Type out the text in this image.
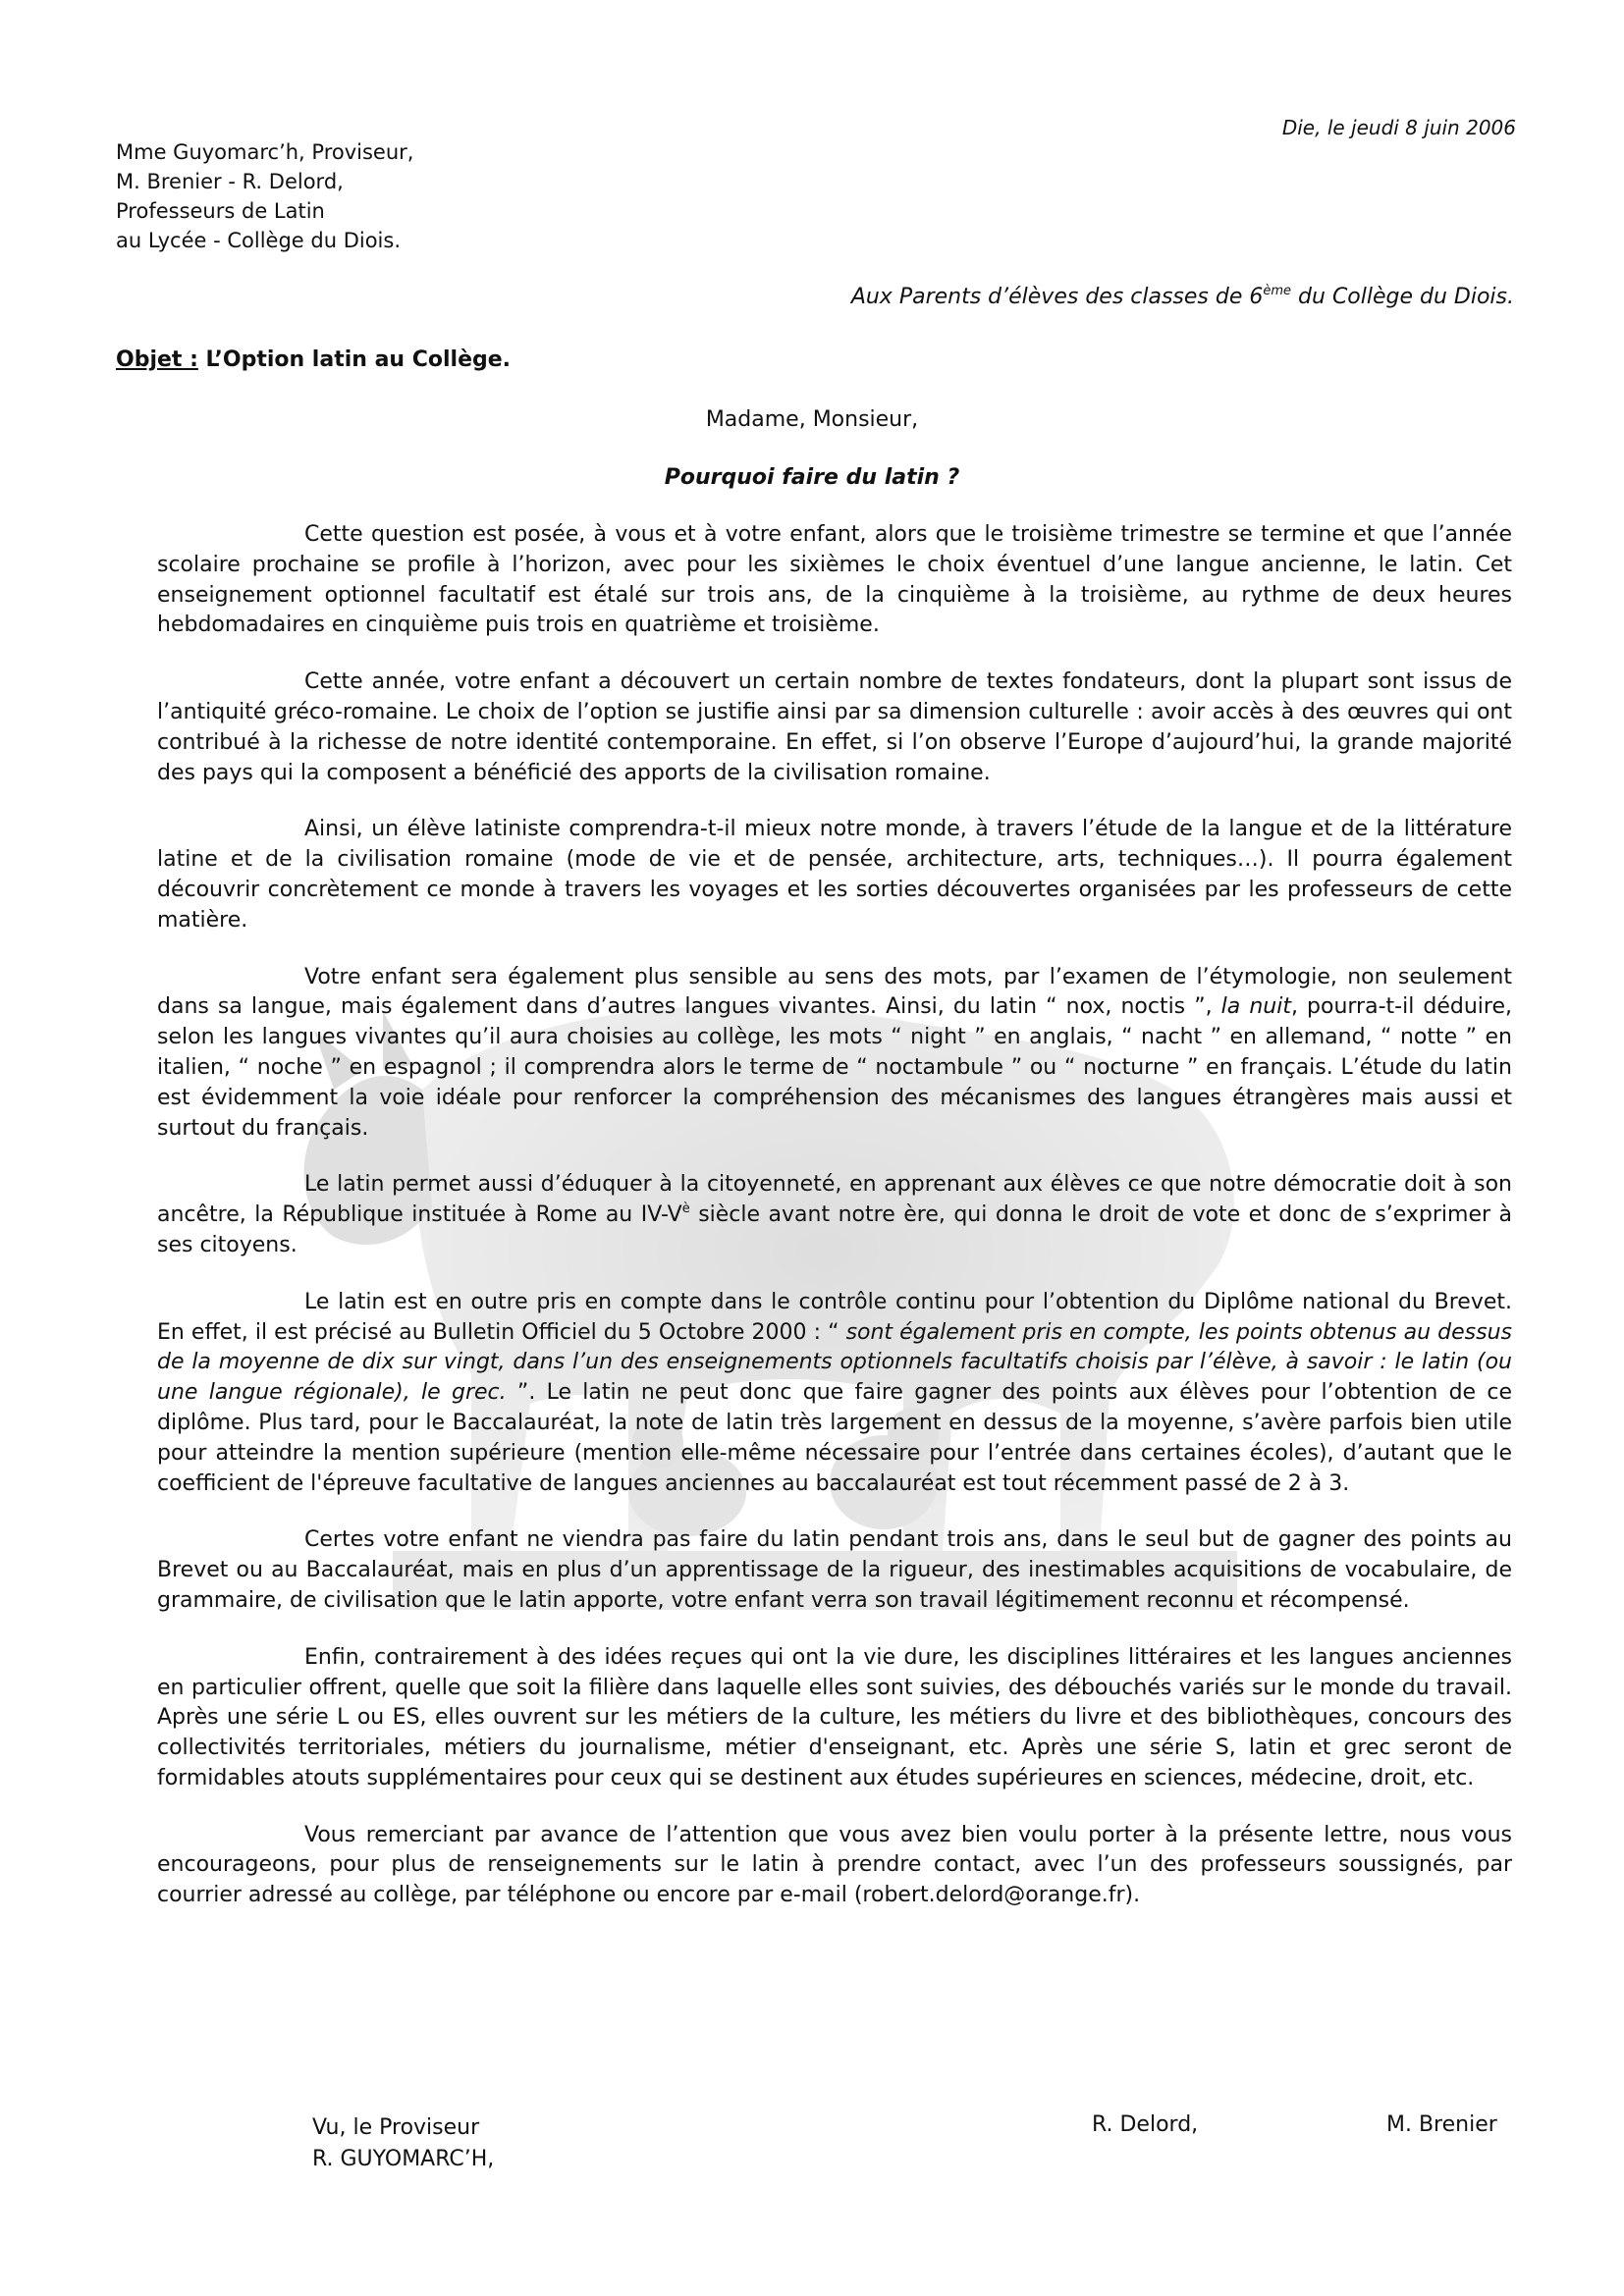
Die, le jeudi 8 juin 2006
Mme Guyomarc’h, Proviseur,
M. Brenier - R. Delord,
Professeurs de Latin
au Lycée - Collège du Diois.
Aux Parents d’élèves des classes de 6ème du Collège du Diois.
Objet : L’Option latin au Collège.
Madame, Monsieur,
Pourquoi faire du latin ?

Cette question est posée, à vous et à votre enfant, alors que le troisième trimestre se termine et que l’année scolaire prochaine se profile à l’horizon, avec pour les sixièmes le choix éventuel d’une langue ancienne, le latin. Cet enseignement optionnel facultatif est étalé sur trois ans, de la cinquième à la troisième, au rythme de deux heures hebdomadaires en cinquième puis trois en quatrième et troisième.

Cette année, votre enfant a découvert un certain nombre de textes fondateurs, dont la plupart sont issus de l’antiquité gréco-romaine. Le choix de l’option se justifie ainsi par sa dimension culturelle : avoir accès à des œuvres qui ont contribué à la richesse de notre identité contemporaine. En effet, si l’on observe l’Europe d’aujourd’hui, la grande majorité des pays qui la composent a bénéficié des apports de la civilisation romaine.

Ainsi, un élève latiniste comprendra-t-il mieux notre monde, à travers l’étude de la langue et de la littérature latine et de la civilisation romaine (mode de vie et de pensée, architecture, arts, techniques…). Il pourra également découvrir concrètement ce monde à travers les voyages et les sorties découvertes organisées par les professeurs de cette matière.

Votre enfant sera également plus sensible au sens des mots, par l’examen de l’étymologie, non seulement dans sa langue, mais également dans d’autres langues vivantes. Ainsi, du latin “ nox, noctis ”, la nuit, pourra-t-il déduire, selon les langues vivantes qu’il aura choisies au collège, les mots “ night ” en anglais, “ nacht ” en allemand, “ notte ” en italien, “ noche ” en espagnol ; il comprendra alors le terme de “ noctambule ” ou “ nocturne ” en français. L’étude du latin est évidemment la voie idéale pour renforcer la compréhension des mécanismes des langues étrangères mais aussi et surtout du français.

Le latin permet aussi d’éduquer à la citoyenneté, en apprenant aux élèves ce que notre démocratie doit à son ancêtre, la République instituée à Rome au $IV-V^è$ siècle avant notre ère, qui donna le droit de vote et donc de s’exprimer à ses citoyens.

Le latin est en outre pris en compte dans le contrôle continu pour l’obtention du Diplôme national du Brevet. En effet, il est précisé au Bulletin Officiel du 5 Octobre 2000 : “ sont également pris en compte, les points obtenus au dessus de la moyenne de dix sur vingt, dans l’un des enseignements optionnels facultatifs choisis par l’élève, à savoir : le latin (ou une langue régionale), le grec. ”. Le latin ne peut donc que faire gagner des points aux élèves pour l’obtention de ce diplôme. Plus tard, pour le Baccalauréat, la note de latin très largement en dessus de la moyenne, s’avère parfois bien utile pour atteindre la mention supérieure (mention elle-même nécessaire pour l’entrée dans certaines écoles), d’autant que le coefficient de l'épreuve facultative de langues anciennes au baccalauréat est tout récemment passé de 2 à 3.

Certes votre enfant ne viendra pas faire du latin pendant trois ans, dans le seul but de gagner des points au Brevet ou au Baccalauréat, mais en plus d’un apprentissage de la rigueur, des inestimables acquisitions de vocabulaire, de grammaire, de civilisation que le latin apporte, votre enfant verra son travail légitimement reconnu et récompensé.

Enfin, contrairement à des idées reçues qui ont la vie dure, les disciplines littéraires et les langues anciennes en particulier offrent, quelle que soit la filière dans laquelle elles sont suivies, des débouchés variés sur le monde du travail. Après une série L ou ES, elles ouvrent sur les métiers de la culture, les métiers du livre et des bibliothèques, concours des collectivités territoriales, métiers du journalisme, métier d'enseignant, etc. Après une série S, latin et grec seront de formidables atouts supplémentaires pour ceux qui se destinent aux études supérieures en sciences, médecine, droit, etc.

Vous remerciant par avance de l’attention que vous avez bien voulu porter à la présente lettre, nous vous encourageons, pour plus de renseignements sur le latin à prendre contact, avec l’un des professeurs soussignés, par courrier adressé au collège, par téléphone ou encore par e-mail (robert.delord@orange.fr).

Vu, le Proviseur
R. GUYOMARC’H,
R. Delord,	M. Brenier
